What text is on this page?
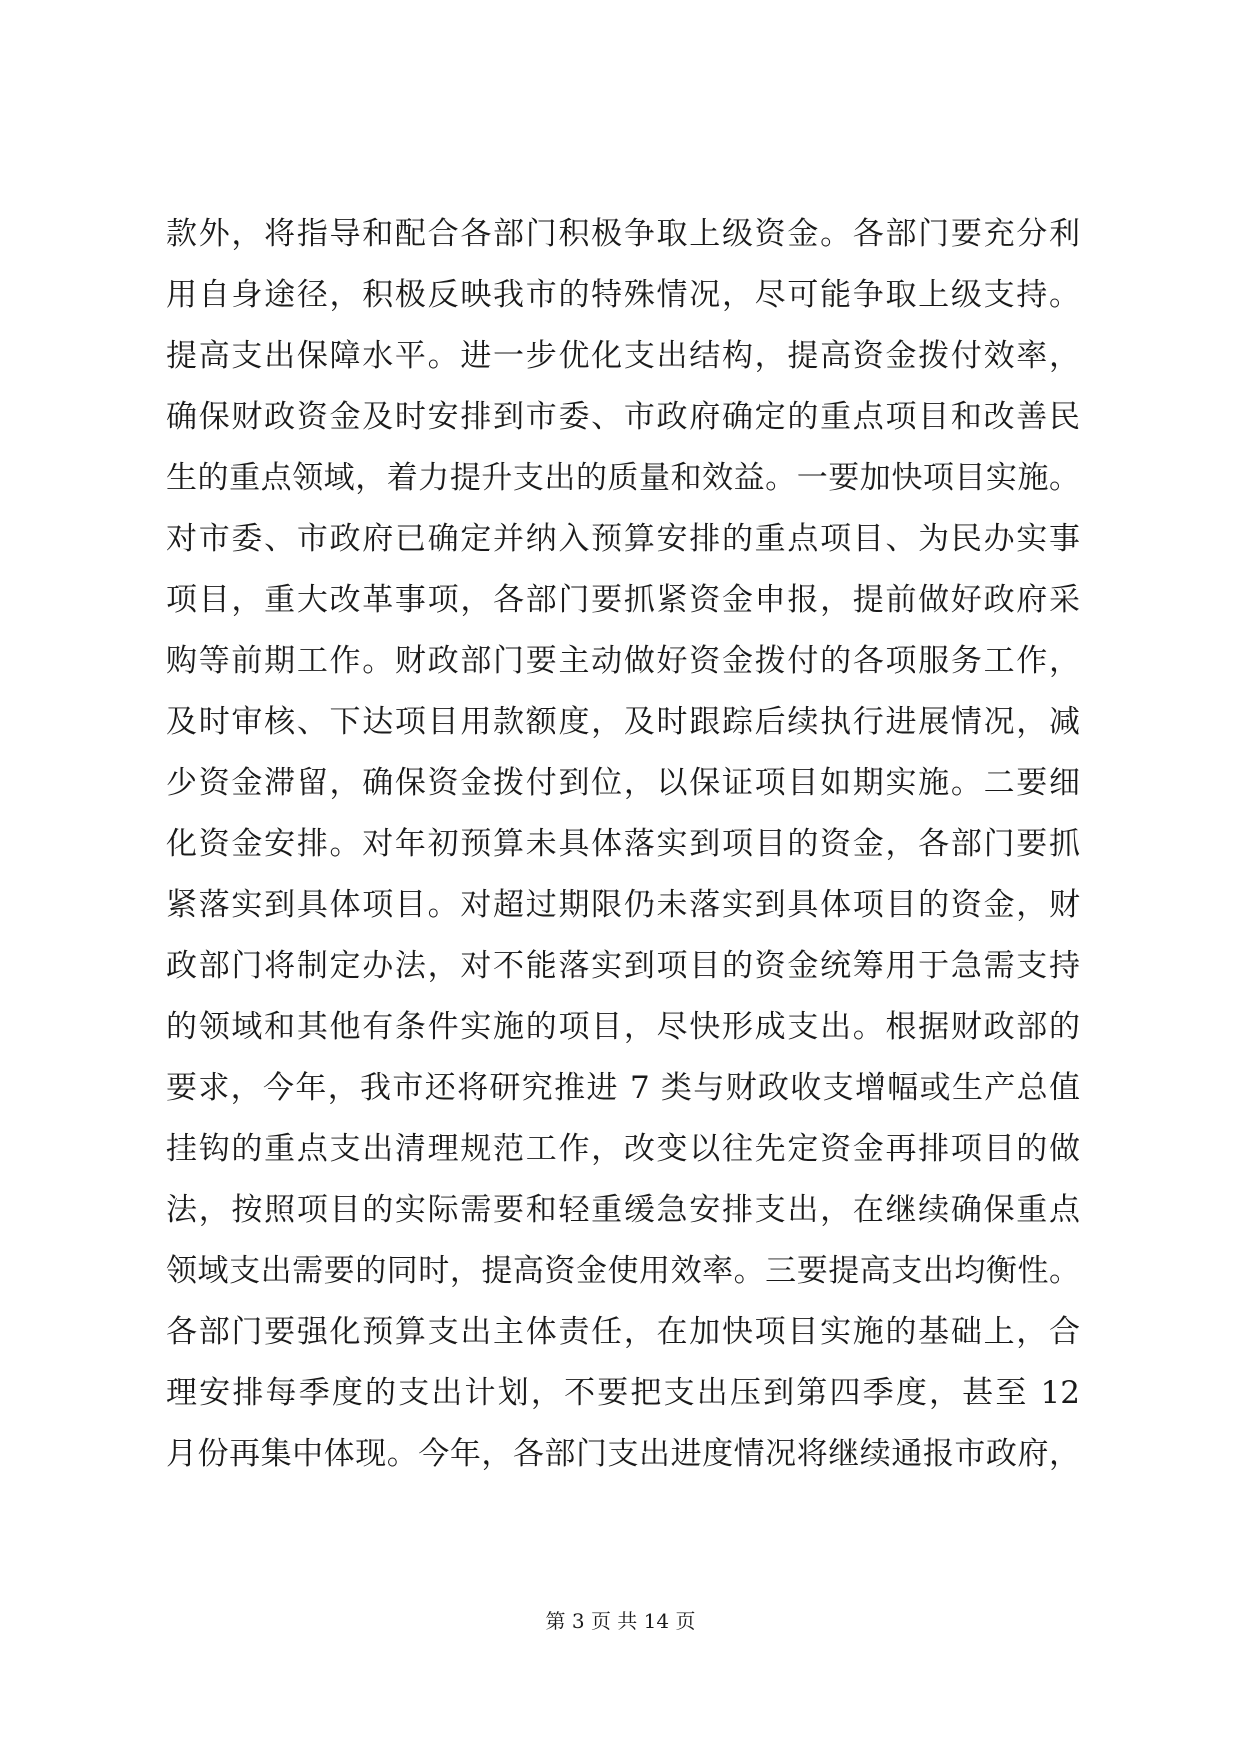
款外，将指导和配合各部门积极争取上级资金。各部门要充分利
用自身途径，积极反映我市的特殊情况，尽可能争取上级支持。
提高支出保障水平。进一步优化支出结构，提高资金拨付效率，
确保财政资金及时安排到市委、市政府确定的重点项目和改善民
生的重点领域，着力提升支出的质量和效益。一要加快项目实施。
对市委、市政府已确定并纳入预算安排的重点项目、为民办实事
项目，重大改革事项，各部门要抓紧资金申报，提前做好政府采
购等前期工作。财政部门要主动做好资金拨付的各项服务工作，
及时审核、下达项目用款额度，及时跟踪后续执行进展情况，减
少资金滞留，确保资金拨付到位，以保证项目如期实施。二要细
化资金安排。对年初预算未具体落实到项目的资金，各部门要抓
紧落实到具体项目。对超过期限仍未落实到具体项目的资金，财
政部门将制定办法，对不能落实到项目的资金统筹用于急需支持
的领域和其他有条件实施的项目，尽快形成支出。根据财政部的
要求，今年，我市还将研究推进 7 类与财政收支增幅或生产总值
挂钩的重点支出清理规范工作，改变以往先定资金再排项目的做
法，按照项目的实际需要和轻重缓急安排支出，在继续确保重点
领域支出需要的同时，提高资金使用效率。三要提高支出均衡性。
各部门要强化预算支出主体责任，在加快项目实施的基础上，合
理安排每季度的支出计划，不要把支出压到第四季度，甚至 12
月份再集中体现。今年，各部门支出进度情况将继续通报市政府，
第 3 页 共 14 页
